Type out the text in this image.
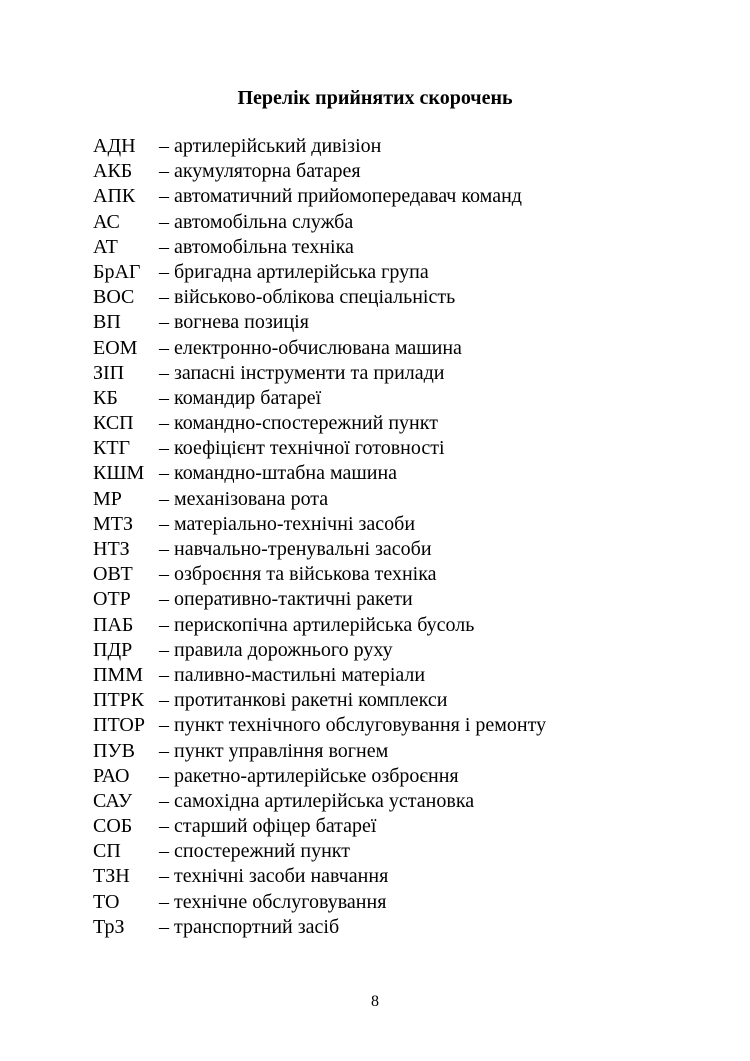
Перелік прийнятих скорочень
АДН	– артилерійський дивізіон
АКБ	– акумуляторна батарея
АПК	– автоматичний прийомопередавач команд
АС	– автомобільна служба
АТ	– автомобільна техніка
БрАГ – бригадна артилерійська група
ВОС	– військово-облікова спеціальність
ВП	– вогнева позиція
ЕОМ	– електронно-обчислювана машина
ЗІП	– запасні інструменти та прилади
КБ	– командир батареї
КСП	– командно-спостережний пункт
КТГ	– коефіцієнт технічної готовності
КШМ – командно-штабна машина
МР	– механізована рота
МТЗ	– матеріально-технічні засоби
НТЗ	– навчально-тренувальні засоби
ОВТ	– озброєння та військова техніка
ОТР	– оперативно-тактичні ракети
ПАБ	– перископічна артилерійська бусоль
ПДР	– правила дорожнього руху
ПММ – паливно-мастильні матеріали
ПТРК – протитанкові ракетні комплекси
ПТОР – пункт технічного обслуговування і ремонту
ПУВ	– пункт управління вогнем
РАО	– ракетно-артилерійське озброєння
САУ	– самохідна артилерійська установка
СОБ	– старший офіцер батареї
СП	– спостережний пункт
ТЗН	– технічні засоби навчання
ТО	– технічне обслуговування
ТрЗ	– транспортний засіб
8
